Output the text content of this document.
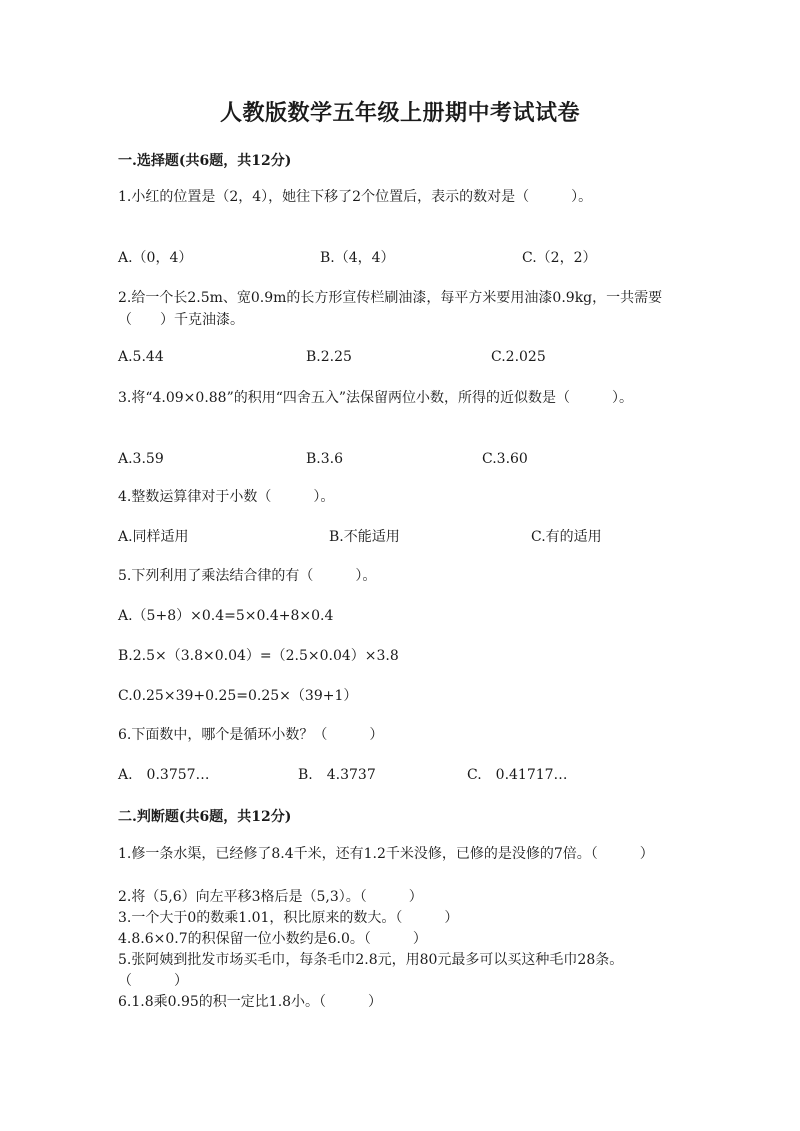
人教版数学五年级上册期中考试试卷
一.选择题(共6题，共12分)
1.小红的位置是（2，4），她往下移了2个位置后，表示的数对是（　　　）。
A.（0，4）	B.（4，4）	C.（2，2）
2.给一个长2.5m、宽0.9m的长方形宣传栏刷油漆，每平方米要用油漆0.9kg，一共需要（　　）千克油漆。
A.5.44	B.2.25	C.2.025
3.将“4.09×0.88”的积用“四舍五入”法保留两位小数，所得的近似数是（　　　）。
A.3.59	B.3.6	C.3.60
4.整数运算律对于小数（　　　）。
A.同样适用	B.不能适用	C.有的适用
5.下列利用了乘法结合律的有（　　　）。
A.（5+8）×0.4=5×0.4+8×0.4
B.2.5×（3.8×0.04）=（2.5×0.04）×3.8
C.0.25×39+0.25=0.25×（39+1）
6.下面数中，哪个是循环小数？（　　　）
A.　0.3757…	B.　4.3737	C.　0.41717…
二.判断题(共6题，共12分)
1.修一条水渠，已经修了8.4千米，还有1.2千米没修，已修的是没修的7倍。（　　　）
2.将（5,6）向左平移3格后是（5,3）。（　　　）
3.一个大于0的数乘1.01，积比原来的数大。（　　　）
4.8.6×0.7的积保留一位小数约是6.0。（　　　）
5.张阿姨到批发市场买毛巾，每条毛巾2.8元，用80元最多可以买这种毛巾28条。（　　　）
6.1.8乘0.95的积一定比1.8小。（　　　）
